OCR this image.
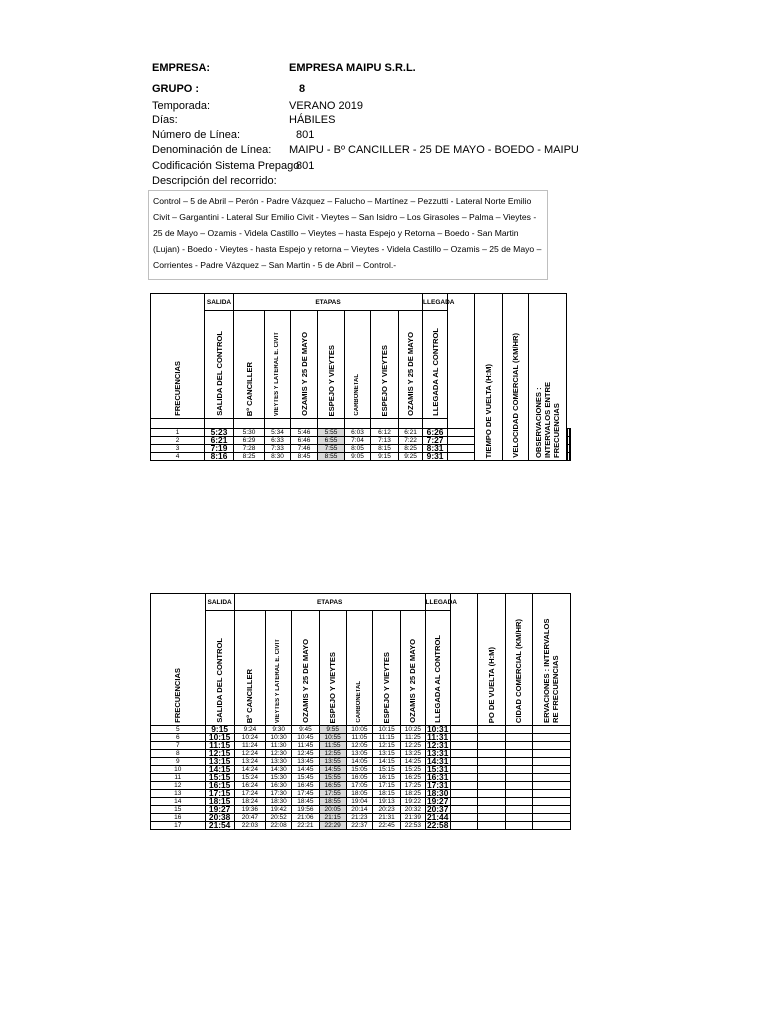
EMPRESA:	EMPRESA MAIPU S.R.L.
GRUPO :	8
Temporada:	VERANO 2019
Días:	HÁBILES
Número de Línea:	801
Denominación de Línea: MAIPU - Bº CANCILLER - 25 DE MAYO - BOEDO - MAIPU
Codificación Sistema Prepago
801
Descripción del recorrido:
Control – 5 de Abril – Perón - Padre Vázquez – Falucho – Martínez – Pezzutti - Lateral Norte Emilio Civit – Gargantini - Lateral Sur Emilio Civit - Vieytes – San Isidro – Los Girasoles – Palma – Vieytes - 25 de Mayo – Ozamis - Videla Castillo – Vieytes – hasta Espejo y Retorna – Boedo - San Martin (Lujan) - Boedo - Vieytes - hasta Espejo y retorna – Vieytes - Videla Castillo – Ozamis – 25 de Mayo – Corrientes - Padre Vázquez – San Martin - 5 de Abril – Control.-
FRECUENCIAS	SALIDA	ETAPAS							LLEGADA		TIEMPO DE VUELTA (H:M)	VELOCIDAD COMERCIAL (KM/HR)	OBSERVACIONES : INTERVALOS ENTRE FRECUENCIAS		
	SALIDA DEL CONTROL	Bº CANCILLER	VIEYTES Y LATERAL E. CIVIT	OZAMIS Y 25 DE MAYO	ESPEJO Y VIEYTES	CARBONETAL	ESPEJO Y VIEYTES	OZAMIS Y 25 DE MAYO	LLEGADA AL CONTROL						

1	5:23	5:30	5:34	5:46	5:55	6:03	6:12	6:21	6:26						
2	6:21	6:29	6:33	6:46	6:55	7:04	7:13	7:22	7:27						
3	7:19	7:28	7:33	7:46	7:55	8:05	8:15	8:25	8:31						
4	8:16	8:25	8:30	8:45	8:55	9:05	9:15	9:25	9:31						
FRECUENCIAS	SALIDA	ETAPAS							LLEGADA		PO DE VUELTA (H:M)	CIDAD COMERCIAL (KM/HR)	ERVACIONES : INTERVALOS RE FRECUENCIAS
	SALIDA DEL CONTROL	Bº CANCILLER	VIEYTES Y LATERAL E. CIVIT	OZAMIS Y 25 DE MAYO	ESPEJO Y VIEYTES	CARBONETAL	ESPEJO Y VIEYTES	OZAMIS Y 25 DE MAYO	LLEGADA AL CONTROL				
5	9:15	9:24	9:30	9:45	9:55	10:05	10:15	10:25	10:31				
6	10:15	10:24	10:30	10:45	10:55	11:05	11:15	11:25	11:31				
7	11:15	11:24	11:30	11:45	11:55	12:05	12:15	12:25	12:31				
8	12:15	12:24	12:30	12:45	12:55	13:05	13:15	13:25	13:31				
9	13:15	13:24	13:30	13:45	13:55	14:05	14:15	14:25	14:31				
10	14:15	14:24	14:30	14:45	14:55	15:05	15:15	15:25	15:31				
11	15:15	15:24	15:30	15:45	15:55	16:05	16:15	16:25	16:31				
12	16:15	16:24	16:30	16:45	16:55	17:05	17:15	17:25	17:31				
13	17:15	17:24	17:30	17:45	17:55	18:05	18:15	18:25	18:30				
14	18:15	18:24	18:30	18:45	18:55	19:04	19:13	19:22	19:27				
15	19:27	19:36	19:42	19:56	20:05	20:14	20:23	20:32	20:37				
16	20:38	20:47	20:52	21:06	21:15	21:23	21:31	21:39	21:44				
17	21:54	22:03	22:08	22:21	22:29	22:37	22:45	22:53	22:58				
